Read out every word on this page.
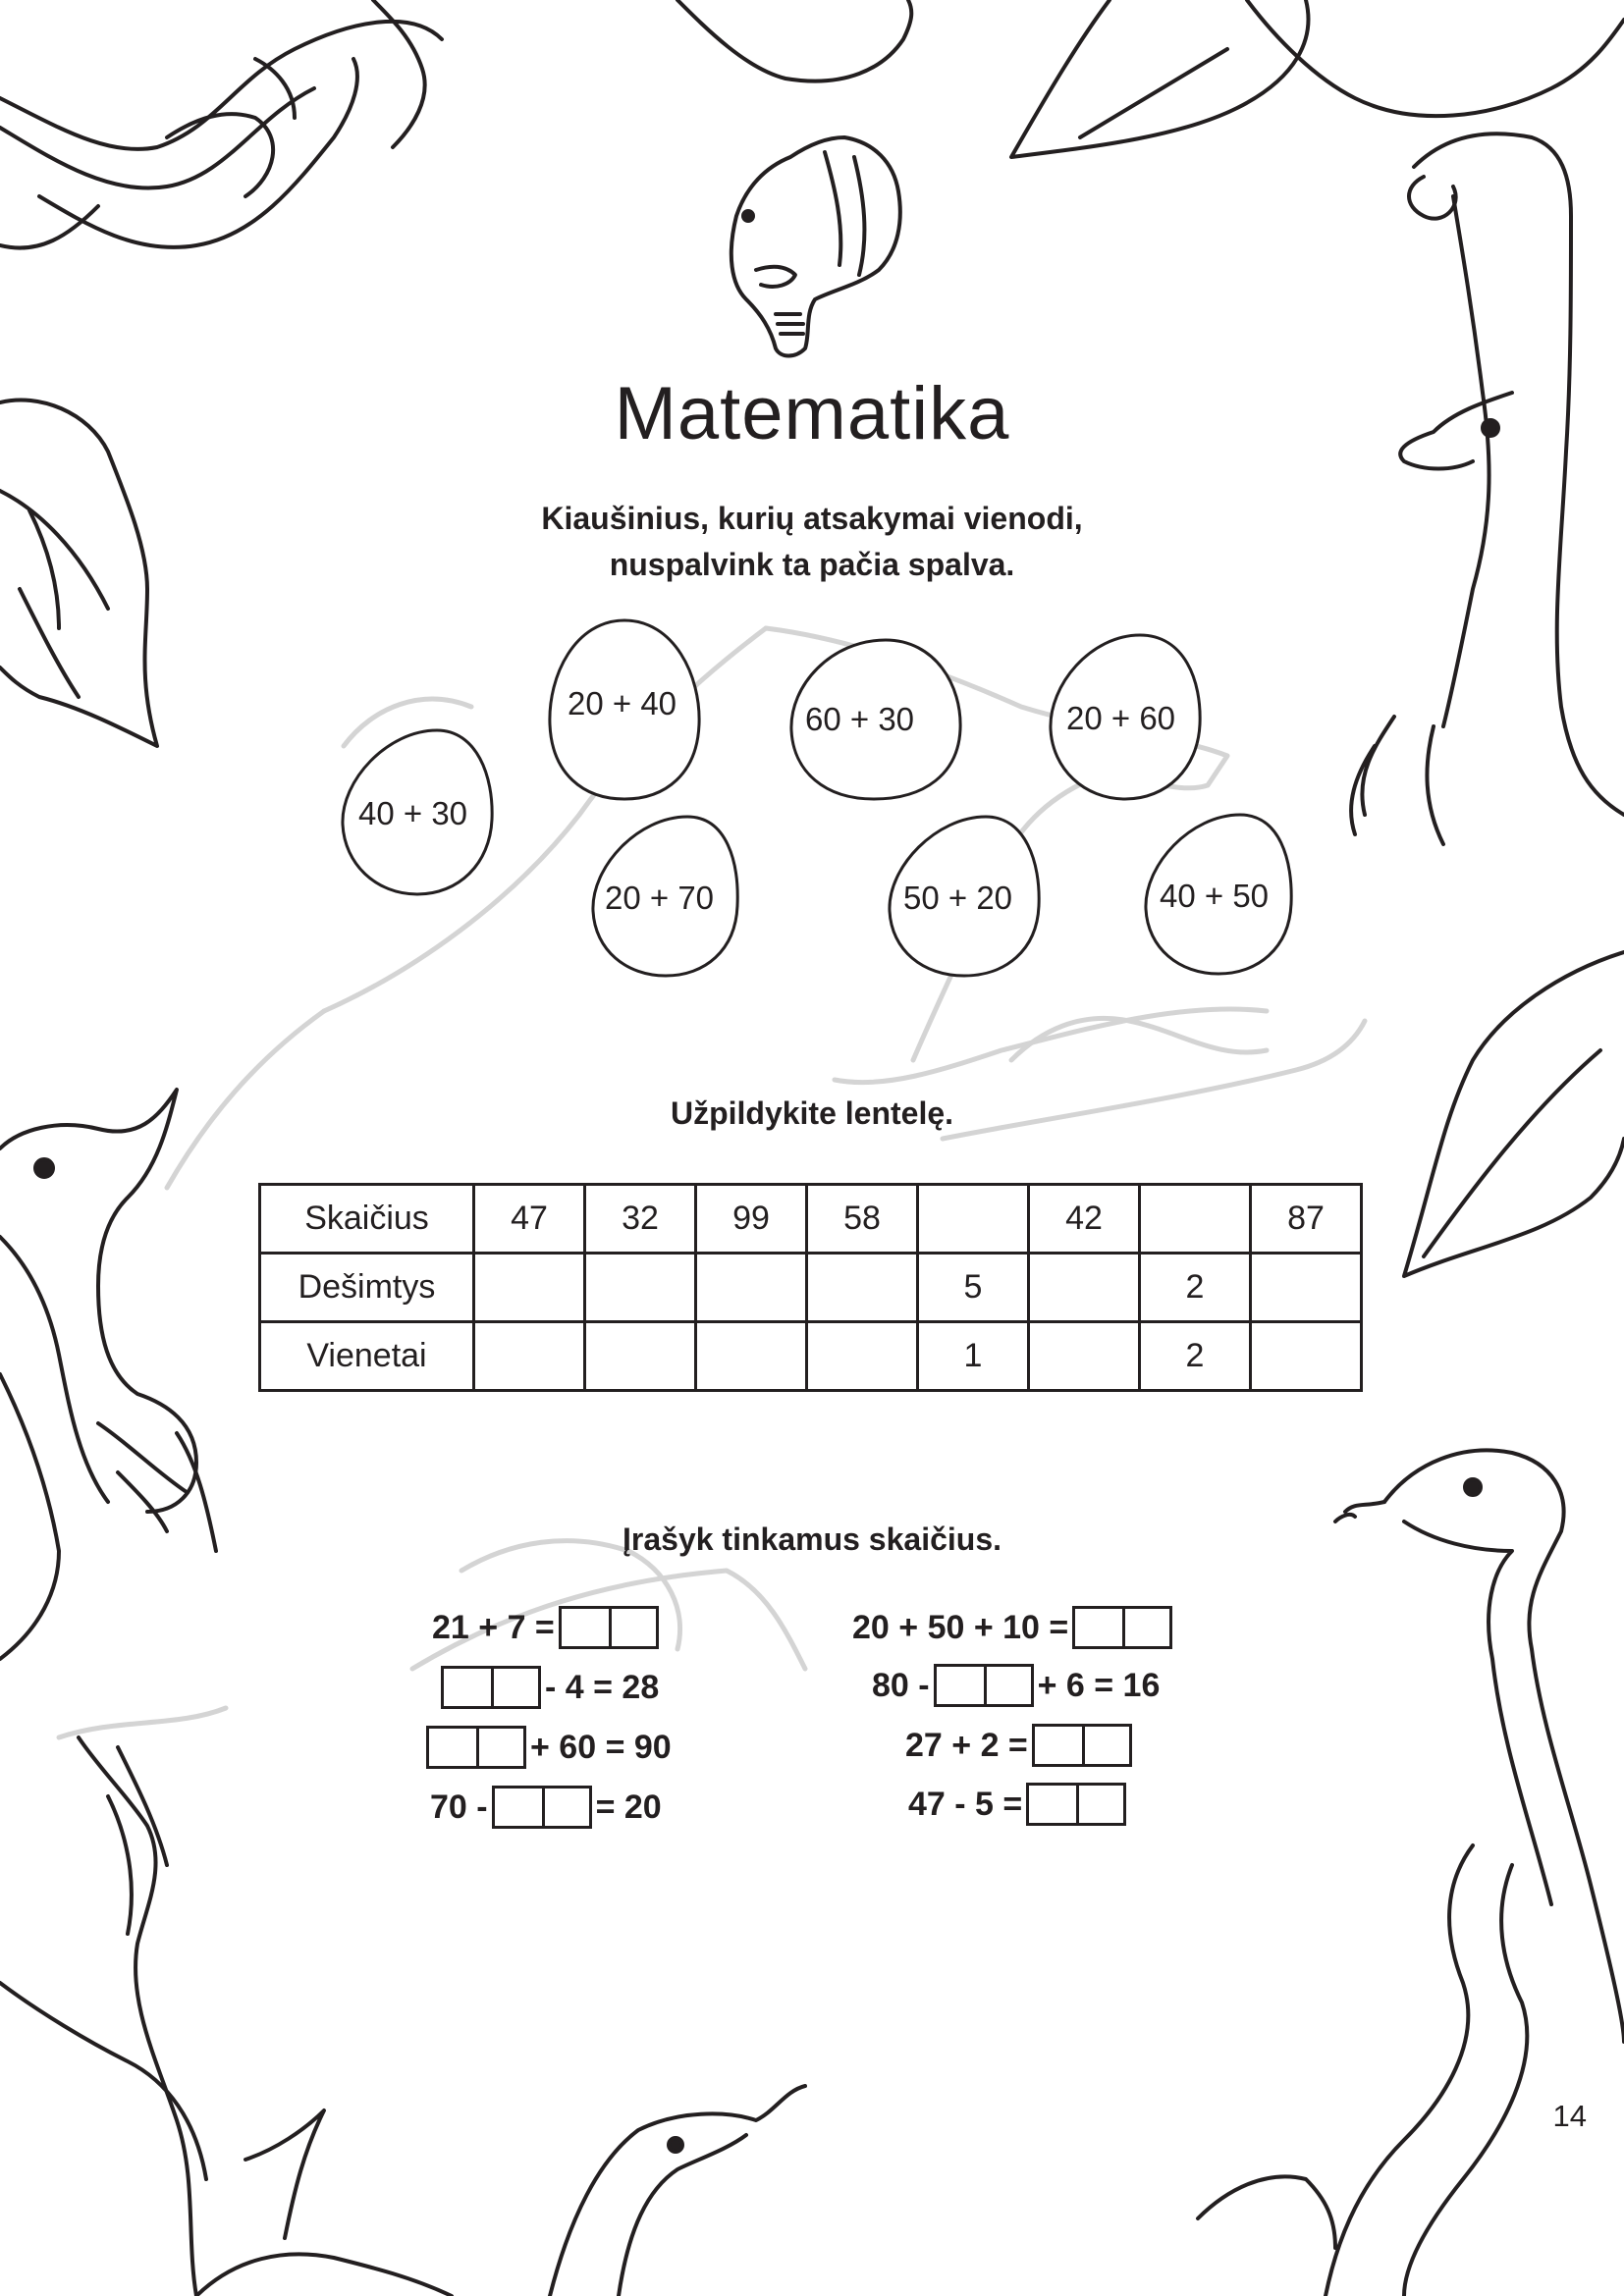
Matematika
Kiaušinius, kurių atsakymai vienodi,
nuspalvink ta pačia spalva.
20 + 40	60 + 30	20 + 60
40 + 30
20 + 70	50 + 20	40 + 50
Užpildykite lentelę.
Skaičius	47	32	99	58		42		87
Dešimtys					5		2	
Vienetai					1		2	
Įrašyk tinkamus skaičius.
21 + 7 =
- 4 = 28
+ 60 = 90
70 -	= 20
20 + 50 + 10 =
80 -	+ 6 = 16
27 + 2 =
47 - 5 =
14
